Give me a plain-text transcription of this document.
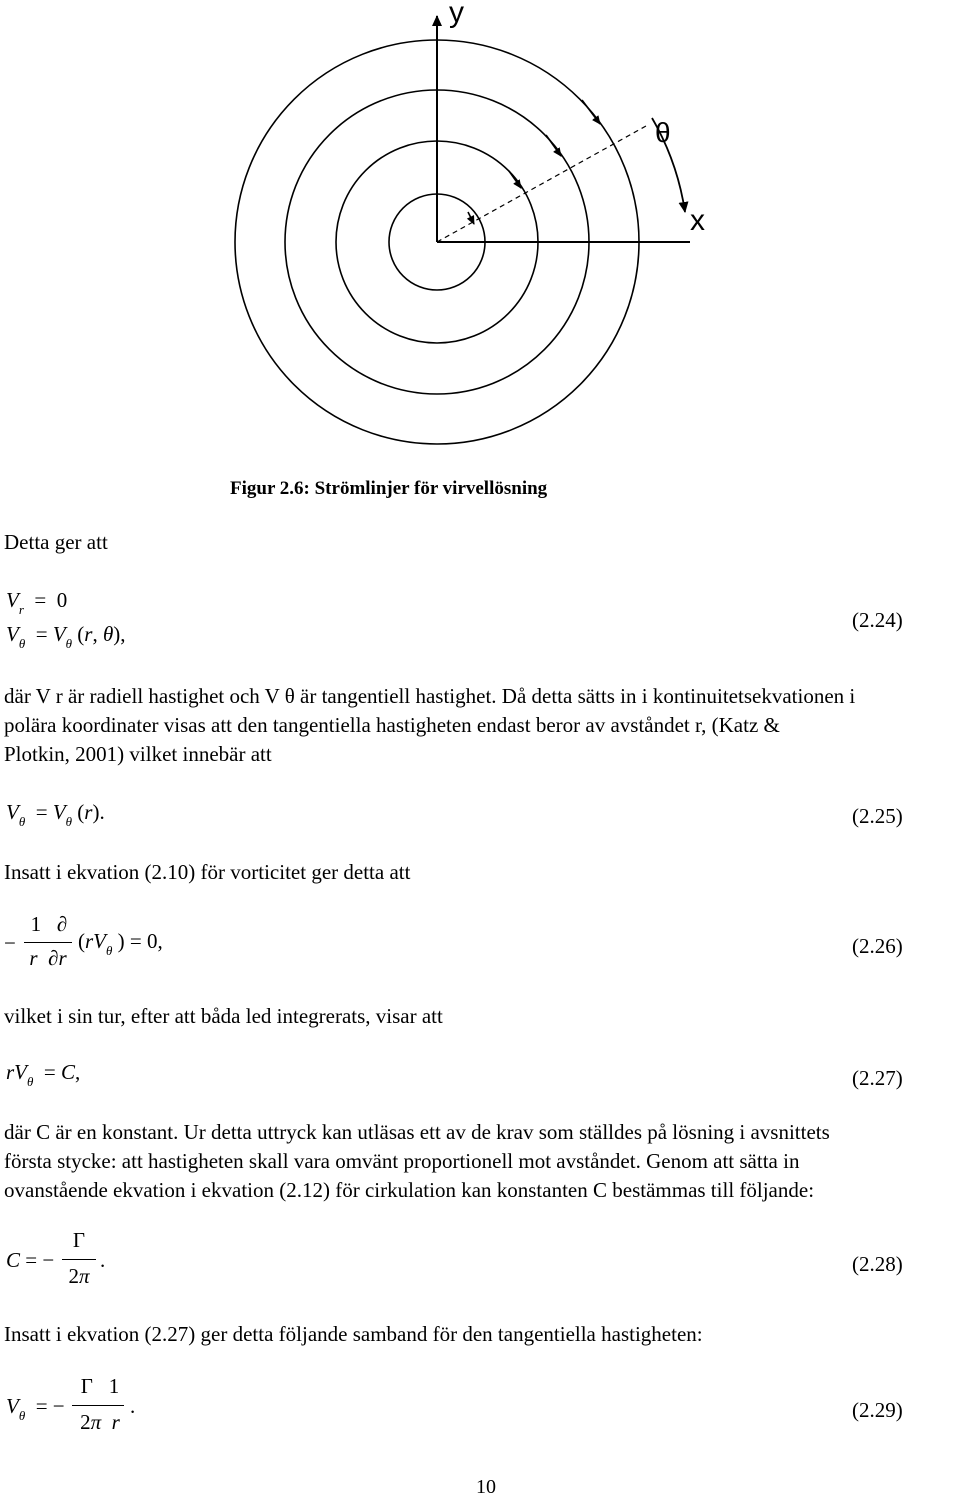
y
θ
x
Figur 2.6: Strömlinjer för virvellösning
Detta ger att
$V_r = 0$
$V_\theta = V_\theta$ (r, θ),
(2.24)
där V r är radiell hastighet och V θ är tangentiell hastighet. Då detta sätts in i kontinuitetsekvationen i
polära koordinater visas att den tangentiella hastigheten endast beror av avståndet r, (Katz &
Plotkin, 2001) vilket innebär att
$V_\theta = V_\theta$ (r).	(2.25)
Insatt i ekvation (2.10) för vorticitet ger detta att
−
1   ∂
r ∂r
($rV_\theta$ ) = 0,	(2.26)
vilket i sin tur, efter att båda led integrerats, visar att
$rV_\theta = C$,	(2.27)
där C är en konstant. Ur detta uttryck kan utläsas ett av de krav som ställdes på lösning i avsnittets
första stycke: att hastigheten skall vara omvänt proportionell mot avståndet. Genom att sätta in
ovanstående ekvation i ekvation (2.12) för cirkulation kan konstanten C bestämmas till följande:
C = −
Γ
2π
.	(2.28)
Insatt i ekvation (2.27) ger detta följande samband för den tangentiella hastigheten:
$V_\theta$  = −
Γ   1
2π r
.	(2.29)
10
